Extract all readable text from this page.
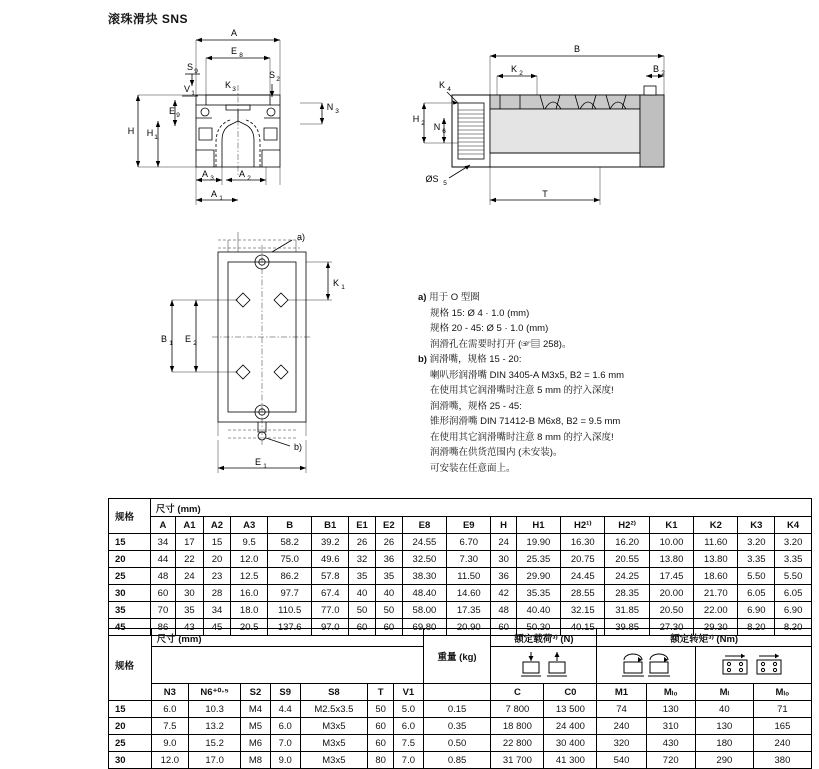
滚珠滑块 SNS
A
E 8
S 9
K 3
S 2
V 1
E 9
H H 1
N 3
A 3	A 2
A 1
B
K 2	B 2
K 4
H 2 N 6
ØS 5
T
a)
K 1
B 1 E 2
b)
E 1
a) 用于 O 型圈
规格 15: Ø 4 · 1.0 (mm)
规格 20 - 45: Ø 5 · 1.0 (mm)
润滑孔在需要时打开 (☞▤ 258)。
b) 润滑嘴，规格 15 - 20:
喇叭形润滑嘴 DIN 3405-A M3x5, B2 = 1.6 mm
在使用其它润滑嘴时注意 5 mm 的拧入深度!
润滑嘴，规格 25 - 45:
锥形润滑嘴 DIN 71412-B M6x8, B2 = 9.5 mm
在使用其它润滑嘴时注意 8 mm 的拧入深度!
润滑嘴在供货范围内 (未安装)。
可安装在任意面上。
规格	尺寸 (mm)																	
	A	A1	A2	A3	B	B1	E1	E2	E8	E9	H	H1	H2¹⁾	H2²⁾	K1	K2	K3	K4
15	34	17	15	9.5	58.2	39.2	26	26	24.55	6.70	24	19.90	16.30	16.20	10.00	11.60	3.20	3.20
20	44	22	20	12.0	75.0	49.6	32	36	32.50	7.30	30	25.35	20.75	20.55	13.80	13.80	3.35	3.35
25	48	24	23	12.5	86.2	57.8	35	35	38.30	11.50	36	29.90	24.45	24.25	17.45	18.60	5.50	5.50
30	60	30	28	16.0	97.7	67.4	40	40	48.40	14.60	42	35.35	28.55	28.35	20.00	21.70	6.05	6.05
35	70	35	34	18.0	110.5	77.0	50	50	58.00	17.35	48	40.40	32.15	31.85	20.50	22.00	6.90	6.90
45	86	43	45	20.5	137.6	97.0	60	60	69.80	20.90	60	50.30	40.15	39.85	27.30	29.30	8.20	8.20
规格	尺寸 (mm)							重量 (kg)	额定载荷³⁾ (N)		额定转矩³⁾ (Nm)			

	N3	N6⁺⁰⋅⁵	S2	S9	S8	T	V1		C	C0	M1	Mₗ₀	Mₗ	Mₗ₀
15	6.0	10.3	M4	4.4	M2.5x3.5	50	5.0	0.15	7 800	13 500	74	130	40	71
20	7.5	13.2	M5	6.0	M3x5	60	6.0	0.35	18 800	24 400	240	310	130	165
25	9.0	15.2	M6	7.0	M3x5	60	7.5	0.50	22 800	30 400	320	430	180	240
30	12.0	17.0	M8	9.0	M3x5	80	7.0	0.85	31 700	41 300	540	720	290	380
